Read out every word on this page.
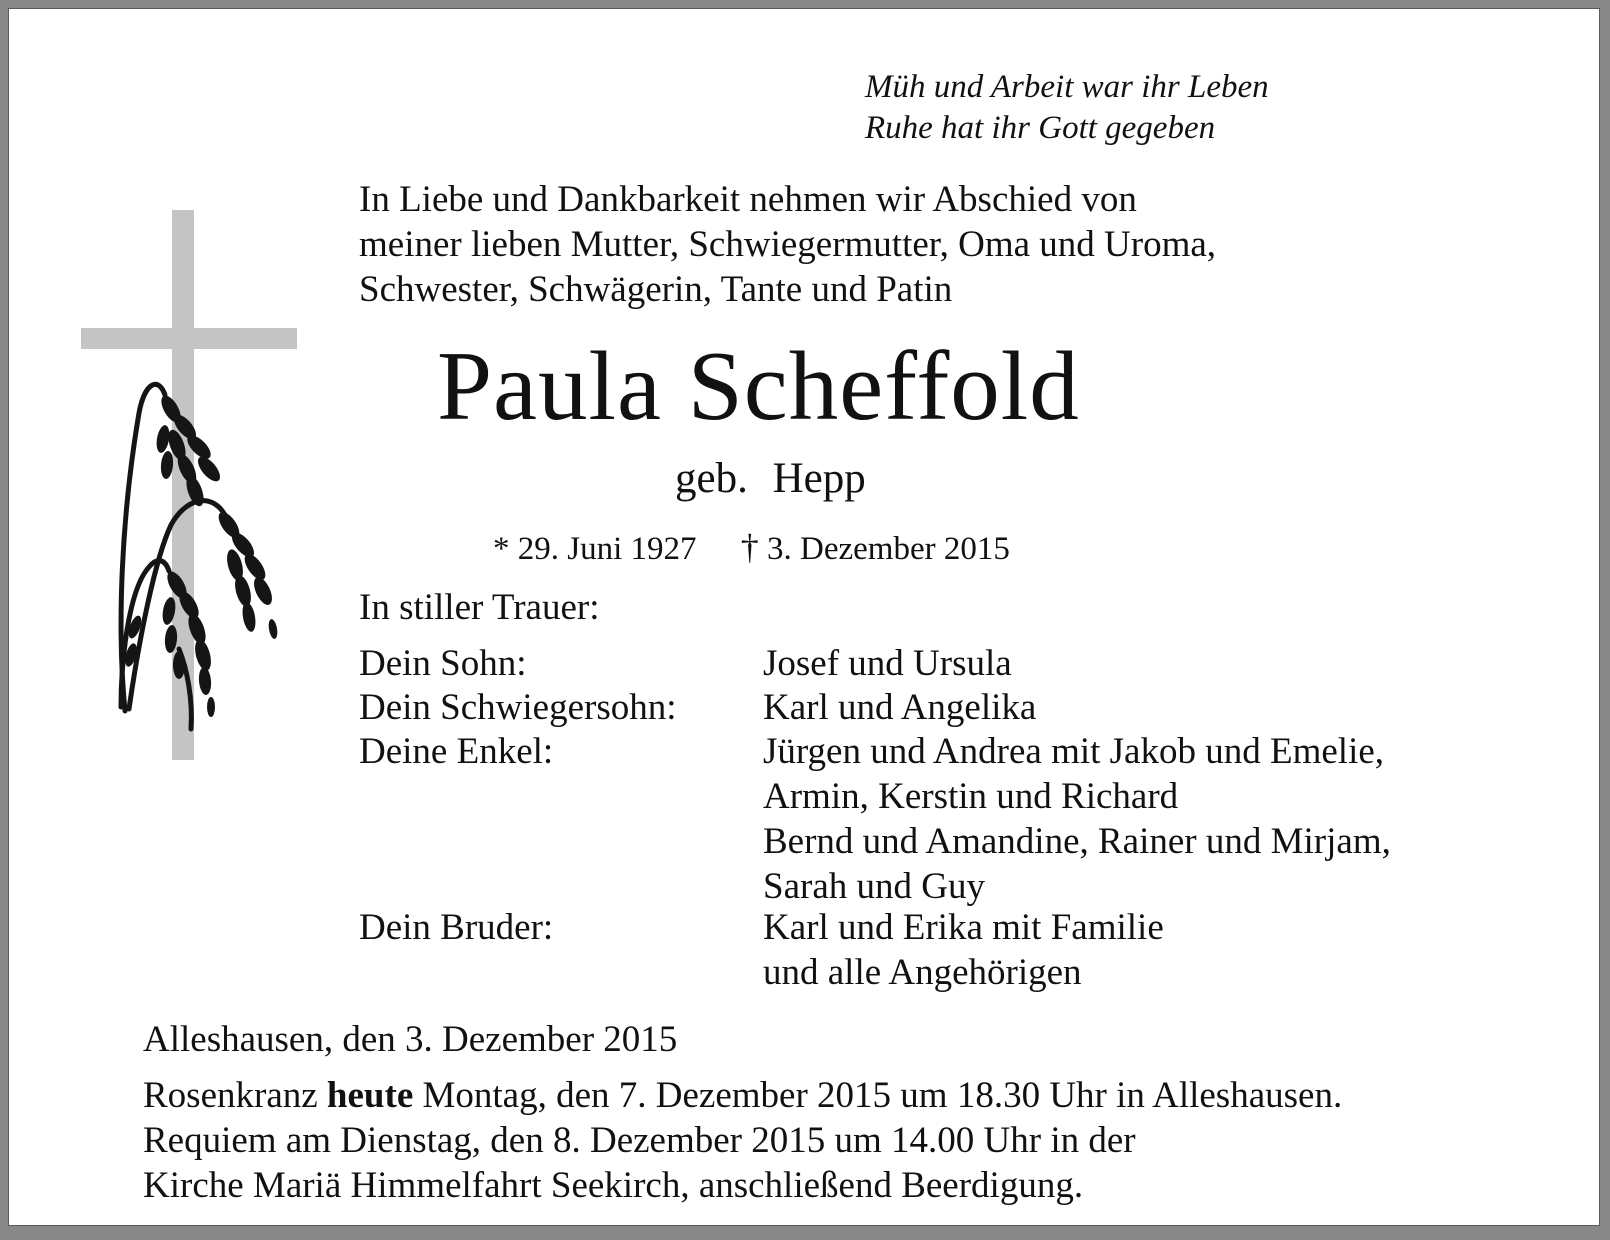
Müh und Arbeit war ihr Leben
Ruhe hat ihr Gott gegeben
In Liebe und Dankbarkeit nehmen wir Abschied von
meiner lieben Mutter, Schwiegermutter, Oma und Uroma,
Schwester, Schwägerin, Tante und Patin
Paula Scheffold
geb. Hepp
* 29. Juni 1927 † 3. Dezember 2015
In stiller Trauer:
Dein Sohn:	Josef und Ursula
Dein Schwiegersohn: Karl und Angelika
Deine Enkel:	Jürgen und Andrea mit Jakob und Emelie,
Armin, Kerstin und Richard
Bernd und Amandine, Rainer und Mirjam,
Sarah und Guy
Dein Bruder:	Karl und Erika mit Familie
und alle Angehörigen
Alleshausen, den 3. Dezember 2015
Rosenkranz heute Montag, den 7. Dezember 2015 um 18.30 Uhr in Alleshausen.
Requiem am Dienstag, den 8. Dezember 2015 um 14.00 Uhr in der
Kirche Mariä Himmelfahrt Seekirch, anschließend Beerdigung.
